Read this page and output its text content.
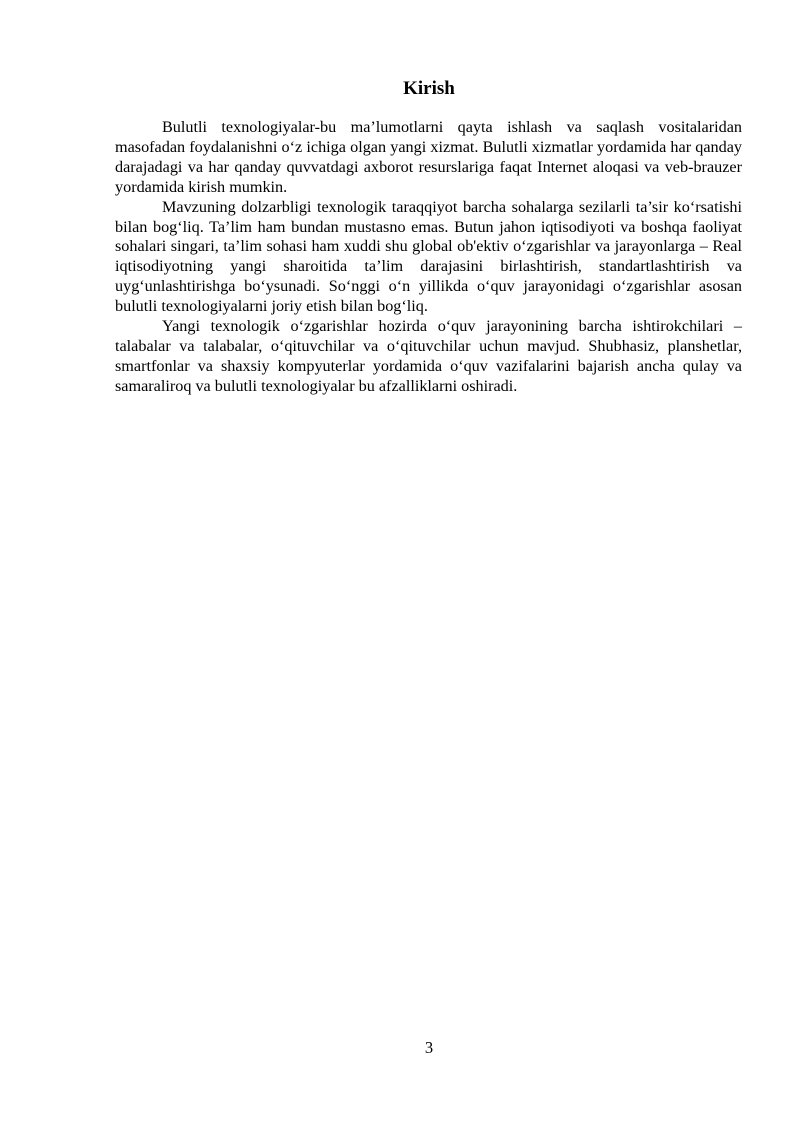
Kirish

Bulutli texnologiyalar-bu ma’lumotlarni qayta ishlash va saqlash vositalaridan masofadan foydalanishni o‘z ichiga olgan yangi xizmat. Bulutli xizmatlar yordamida har qanday darajadagi va har qanday quvvatdagi axborot resurslariga faqat Internet aloqasi va veb-brauzer yordamida kirish mumkin.

Mavzuning dolzarbligi texnologik taraqqiyot barcha sohalarga sezilarli ta’sir ko‘rsatishi bilan bog‘liq. Ta’lim ham bundan mustasno emas. Butun jahon iqtisodiyoti va boshqa faoliyat sohalari singari, ta’lim sohasi ham xuddi shu global ob'ektiv o‘zgarishlar va jarayonlarga – Real iqtisodiyotning yangi sharoitida ta’lim darajasini birlashtirish, standartlashtirish va uyg‘unlashtirishga bo‘ysunadi. So‘nggi o‘n yillikda o‘quv jarayonidagi o‘zgarishlar asosan bulutli texnologiyalarni joriy etish bilan bog‘liq.

Yangi texnologik o‘zgarishlar hozirda o‘quv jarayonining barcha ishtirokchilari – talabalar va talabalar, o‘qituvchilar va o‘qituvchilar uchun mavjud. Shubhasiz, planshetlar, smartfonlar va shaxsiy kompyuterlar yordamida o‘quv vazifalarini bajarish ancha qulay va samaraliroq va bulutli texnologiyalar bu afzalliklarni oshiradi.

3
